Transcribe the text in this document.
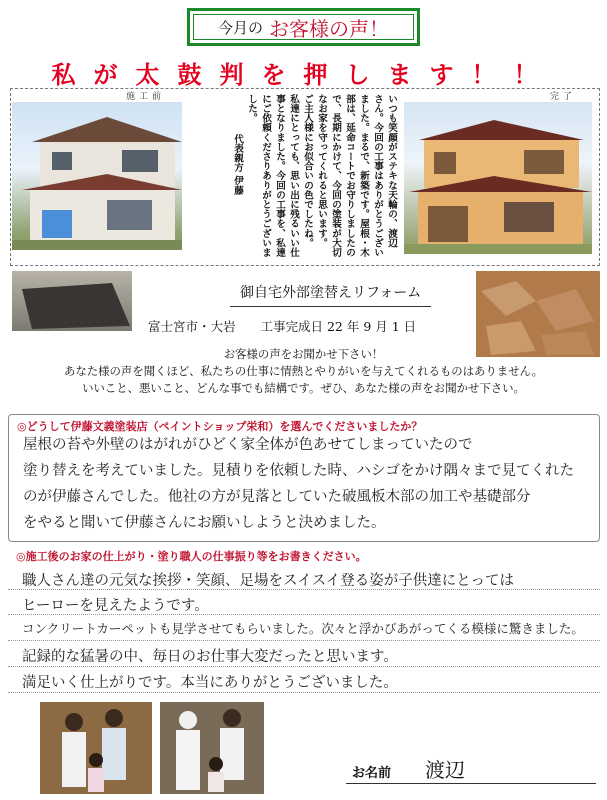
今月の お客様の声！
私が太鼓判を押します！！
施工前	完了
いつも笑顔がステキな天輪の、渡辺
さん。今回の工事はありがとうござい
ました。まるで、新築です。屋根・木
部は、延命コートでお守りしましたの
で、長期にかけて、今回の塗装が大切
なお家を守ってくれると思います。
ご主人様にお似合いの色でしたね。
私達にとっても、思い出に残るいい仕
事となりました。今回の工事を、私達
にご依頼くださりありがとうございま
した。
代表親方 伊藤
御自宅外部塗替えリフォーム
富士宮市・大岩　　工事完成日 22 年 9 月 1 日
お客様の声をお聞かせ下さい！
あなた様の声を聞くほど、私たちの仕事に情熱とやりがいを与えてくれるものはありません。
いいこと、悪いこと、どんな事でも結構です。ぜひ、あなた様の声をお聞かせ下さい。
◎どうして伊藤文義塗装店（ペイントショップ栄和）を選んでくださいましたか？
屋根の苔や外壁のはがれがひどく家全体が色あせてしまっていたので
塗り替えを考えていました。見積りを依頼した時、ハシゴをかけ隅々まで見てくれた
のが伊藤さんでした。他社の方が見落としていた破風板木部の加工や基礎部分
をやると聞いて伊藤さんにお願いしようと決めました。
◎施工後のお家の仕上がり・塗り職人の仕事振り等をお書きください。
職人さん達の元気な挨拶・笑顔、足場をスイスイ登る姿が子供達にとっては
ヒーローを見えたようです。
コンクリートカーペットも見学させてもらいました。次々と浮かびあがってくる模様に驚きました。
記録的な猛暑の中、毎日のお仕事大変だったと思います。
満足いく仕上がりです。本当にありがとうございました。
お名前 渡辺
